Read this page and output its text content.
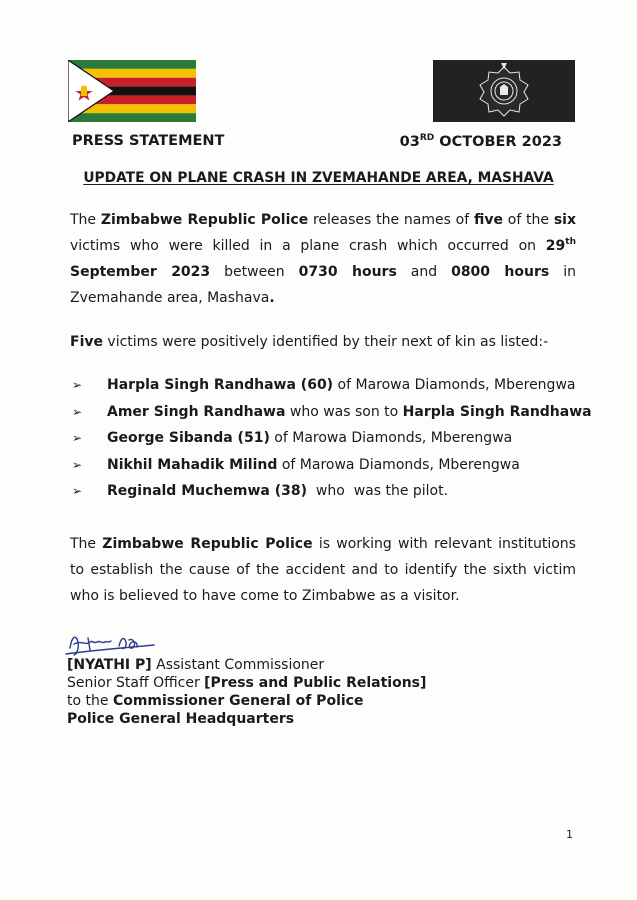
PRESS STATEMENT	03RD OCTOBER 2023
UPDATE ON PLANE CRASH IN ZVEMAHANDE AREA, MASHAVA
The Zimbabwe Republic Police releases the names of five of the six victims who were killed in a plane crash which occurred on 29th September 2023 between 0730 hours and 0800 hours in Zvemahande area, Mashava.
Five victims were positively identified by their next of kin as listed:-
➢ Harpla Singh Randhawa (60) of Marowa Diamonds, Mberengwa
➢ Amer Singh Randhawa who was son to Harpla Singh Randhawa
➢ George Sibanda (51) of Marowa Diamonds, Mberengwa
➢ Nikhil Mahadik Milind of Marowa Diamonds, Mberengwa
➢ Reginald Muchemwa (38)  who  was the pilot.
The Zimbabwe Republic Police is working with relevant institutions to establish the cause of the accident and to identify the sixth victim who is believed to have come to Zimbabwe as a visitor.
[NYATHI P] Assistant Commissioner
Senior Staff Officer [Press and Public Relations]
to the Commissioner General of Police
Police General Headquarters
1
